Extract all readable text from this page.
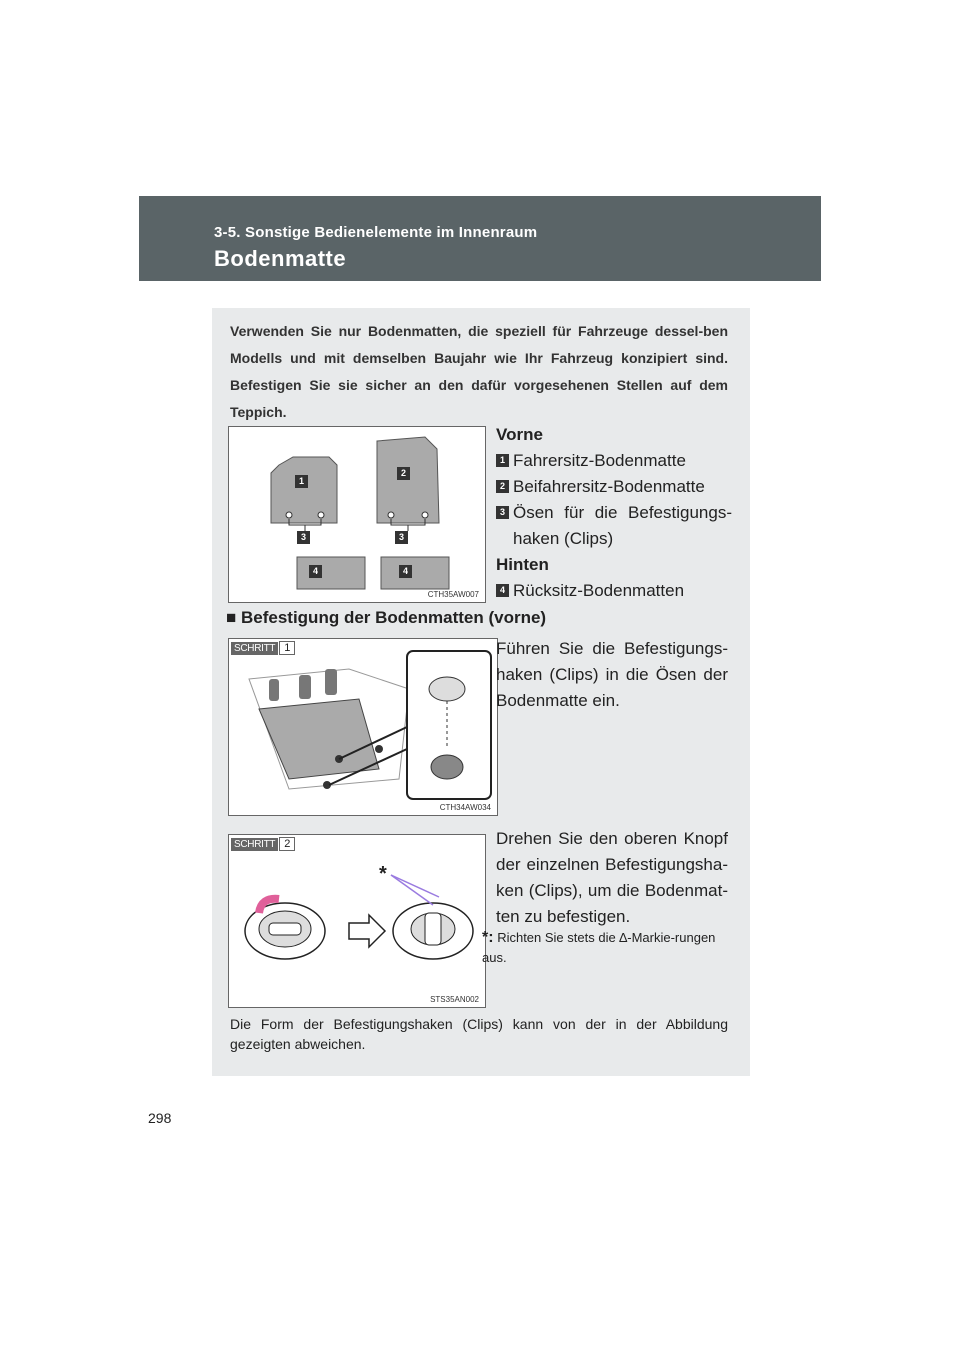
3-5. Sonstige Bedienelemente im Innenraum
Bodenmatte
Verwenden Sie nur Bodenmatten, die speziell für Fahrzeuge dessel-ben Modells und mit demselben Baujahr wie Ihr Fahrzeug konzipiert sind. Befestigen Sie sie sicher an den dafür vorgesehenen Stellen auf dem Teppich.
1
2
3	3
4	4
CTH35AW007
Vorne
1 Fahrersitz-Bodenmatte
2 Beifahrersitz-Bodenmatte
3 Ösen für die Befestigungs-haken (Clips)
Hinten
4 Rücksitz-Bodenmatten
■ Befestigung der Bodenmatten (vorne)
SCHRITT 1
CTH34AW034
Führen Sie die Befestigungs-haken (Clips) in die Ösen der Bodenmatte ein.
*
SCHRITT 2
STS35AN002
Drehen Sie den oberen Knopf der einzelnen Befestigungsha-ken (Clips), um die Bodenmat-ten zu befestigen.
*: Richten Sie stets die ∆-Markie-rungen aus.
Die Form der Befestigungshaken (Clips) kann von der in der Abbildung gezeigten abweichen.
298
